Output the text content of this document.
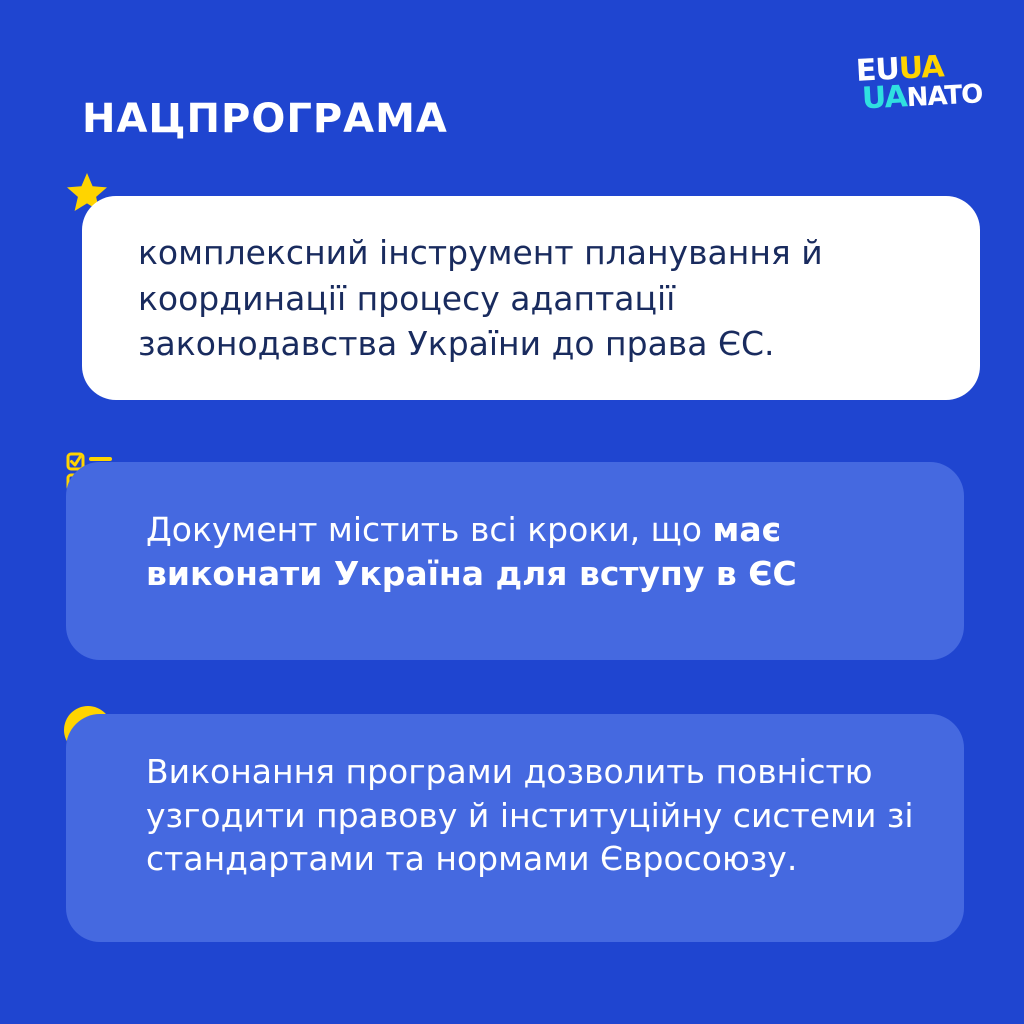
EU
UA
UA
NATO
НАЦПРОГРАМА

комплексний інструмент планування й координації процесу адаптації законодавства України до права ЄС.

Документ містить всі кроки, що має виконати Україна для вступу в ЄС

Виконання програми дозволить повністю узгодити правову й інституційну системи зі стандартами та нормами Євросоюзу.
